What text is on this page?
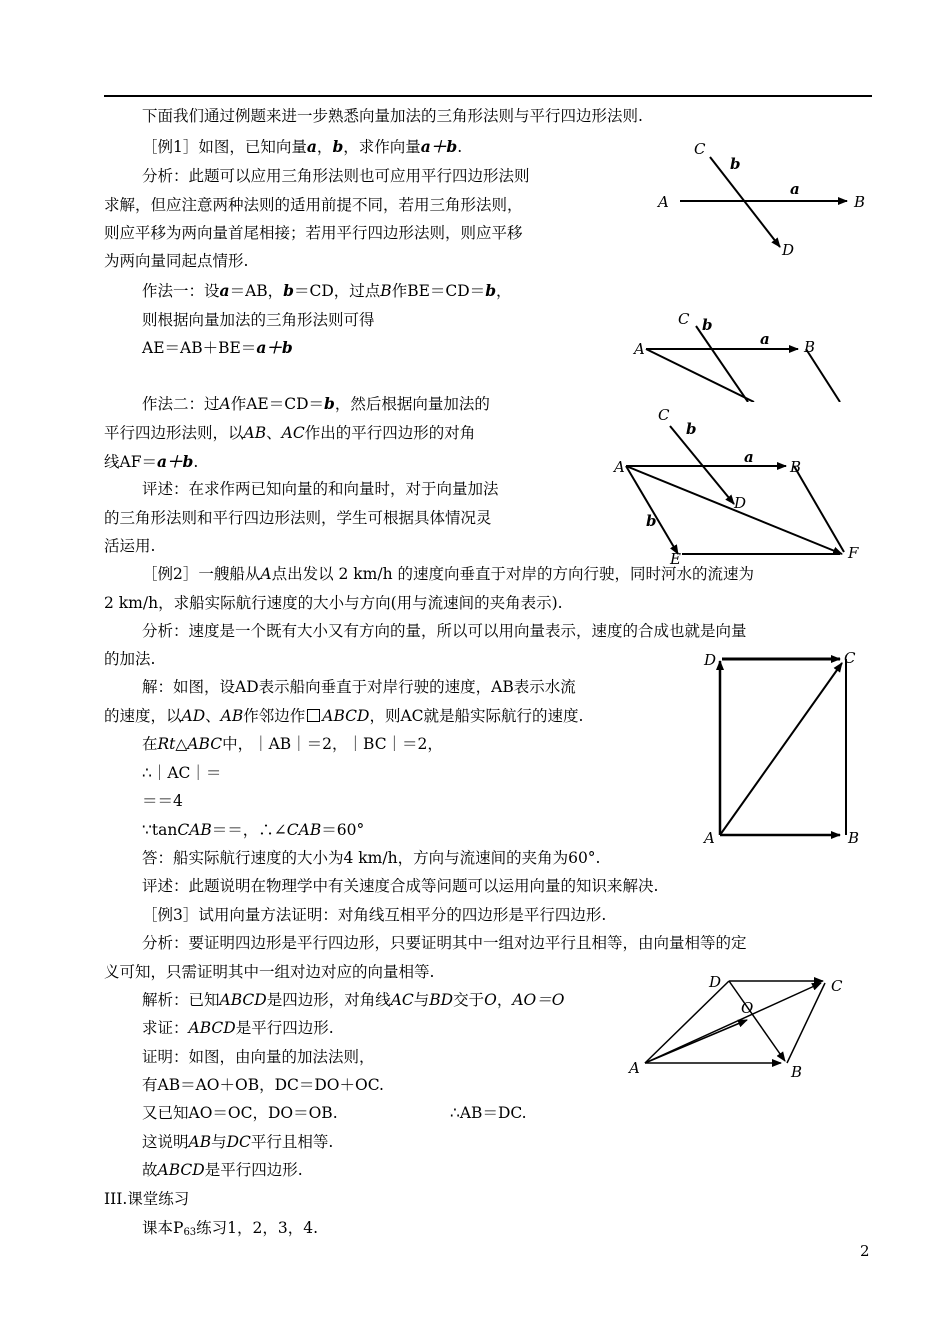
下面我们通过例题来进一步熟悉向量加法的三角形法则与平行四边形法则.
［例1］如图，已知向量a，b，求作向量a＋b.
分析：此题可以应用三角形法则也可应用平行四边形法则
求解，但应注意两种法则的适用前提不同，若用三角形法则，
则应平移为两向量首尾相接；若用平行四边形法则，则应平移
为两向量同起点情形.
作法一：设a＝AB，b＝CD，过点B作BE＝CD＝b，
则根据向量加法的三角形法则可得
AE＝AB＋BE＝a＋b
作法二：过A作AE＝CD＝b，然后根据向量加法的
平行四边形法则，以AB、AC作出的平行四边形的对角
线AF＝a＋b.
评述：在求作两已知向量的和向量时，对于向量加法
的三角形法则和平行四边形法则，学生可根据具体情况灵
活运用.
［例2］一艘船从A点出发以 2 km/h 的速度向垂直于对岸的方向行驶，同时河水的流速为
2 km/h，求船实际航行速度的大小与方向(用与流速间的夹角表示).
分析：速度是一个既有大小又有方向的量，所以可以用向量表示，速度的合成也就是向量
的加法.
解：如图，设AD表示船向垂直于对岸行驶的速度，AB表示水流
的速度，以AD、AB作邻边作 ABCD，则AC就是船实际航行的速度.
在Rt△ABC中，｜AB｜＝2，｜BC｜＝2，
∴｜AC｜＝
＝＝4
∵tanCAB＝＝，∴∠CAB＝60°
答：船实际航行速度的大小为4 km/h，方向与流速间的夹角为60°.
评述：此题说明在物理学中有关速度合成等问题可以运用向量的知识来解决.
［例3］试用向量方法证明：对角线互相平分的四边形是平行四边形.
分析：要证明四边形是平行四边形，只要证明其中一组对边平行且相等，由向量相等的定
义可知，只需证明其中一组对边对应的向量相等.
解析：已知ABCD是四边形，对角线AC与BD交于O，AO＝O
求证：ABCD是平行四边形.
证明：如图，由向量的加法法则，
有AB＝AO＋OB，DC＝DO＋OC.
又已知AO＝OC，DO＝OB.	∴AB＝DC.
这说明AB与DC平行且相等.
故ABCD是平行四边形.
III.课堂练习
课本$P_{63}$练习1，2，3，4.
2
A	B
C
D
a
b
A	B
C
a
b
A	B
C
D
E	F
a
b
b
A	B
C
D
A	B
C
D
O
